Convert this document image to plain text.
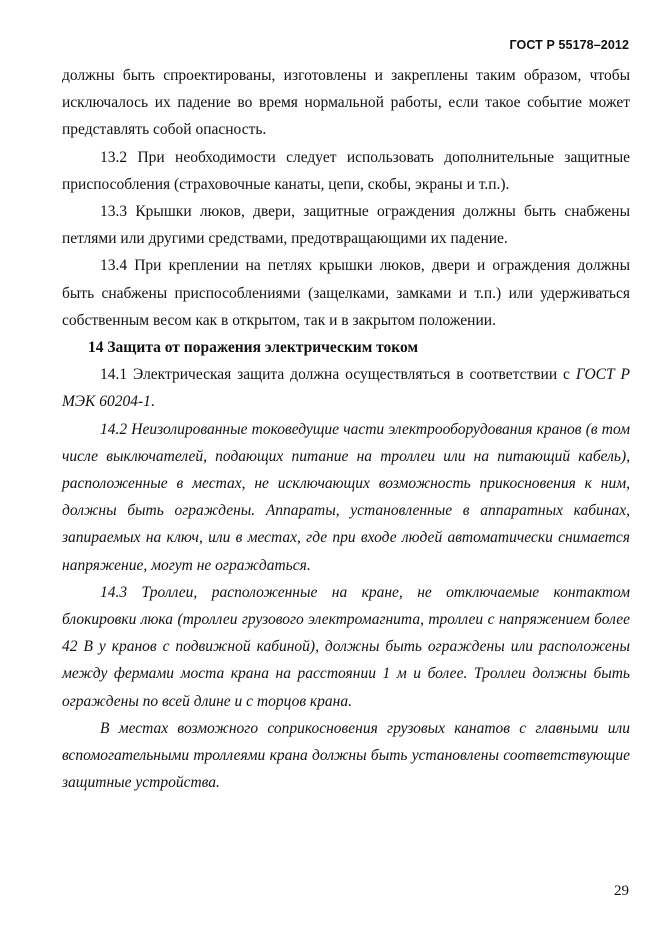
ГОСТ Р 55178–2012

должны быть спроектированы, изготовлены и закреплены таким образом, чтобы исключалось их падение во время нормальной работы, если такое событие может представлять собой опасность.

13.2 При необходимости следует использовать дополнительные защитные приспособления (страховочные канаты, цепи, скобы, экраны и т.п.).

13.3 Крышки люков, двери, защитные ограждения должны быть снабжены петлями или другими средствами, предотвращающими их падение.

13.4 При креплении на петлях крышки люков, двери и ограждения должны быть снабжены приспособлениями (защелками, замками и т.п.) или удерживаться собственным весом как в открытом, так и в закрытом положении.

14 Защита от поражения электрическим током

14.1 Электрическая защита должна осуществляться в соответствии с ГОСТ Р МЭК 60204-1.

14.2 Неизолированные токоведущие части электрооборудования кранов (в том числе выключателей, подающих питание на троллеи или на питающий кабель), расположенные в местах, не исключающих возможность прикосновения к ним, должны быть ограждены. Аппараты, установленные в аппаратных кабинах, запираемых на ключ, или в местах, где при входе людей автоматически снимается напряжение, могут не ограждаться.

14.3 Троллеи, расположенные на кране, не отключаемые контактом блокировки люка (троллеи грузового электромагнита, троллеи с напряжением более 42 В у кранов с подвижной кабиной), должны быть ограждены или расположены между фермами моста крана на расстоянии 1 м и более. Троллеи должны быть ограждены по всей длине и с торцов крана.

В местах возможного соприкосновения грузовых канатов с главными или вспомогательными троллеями крана должны быть установлены соответствующие защитные устройства.

29
